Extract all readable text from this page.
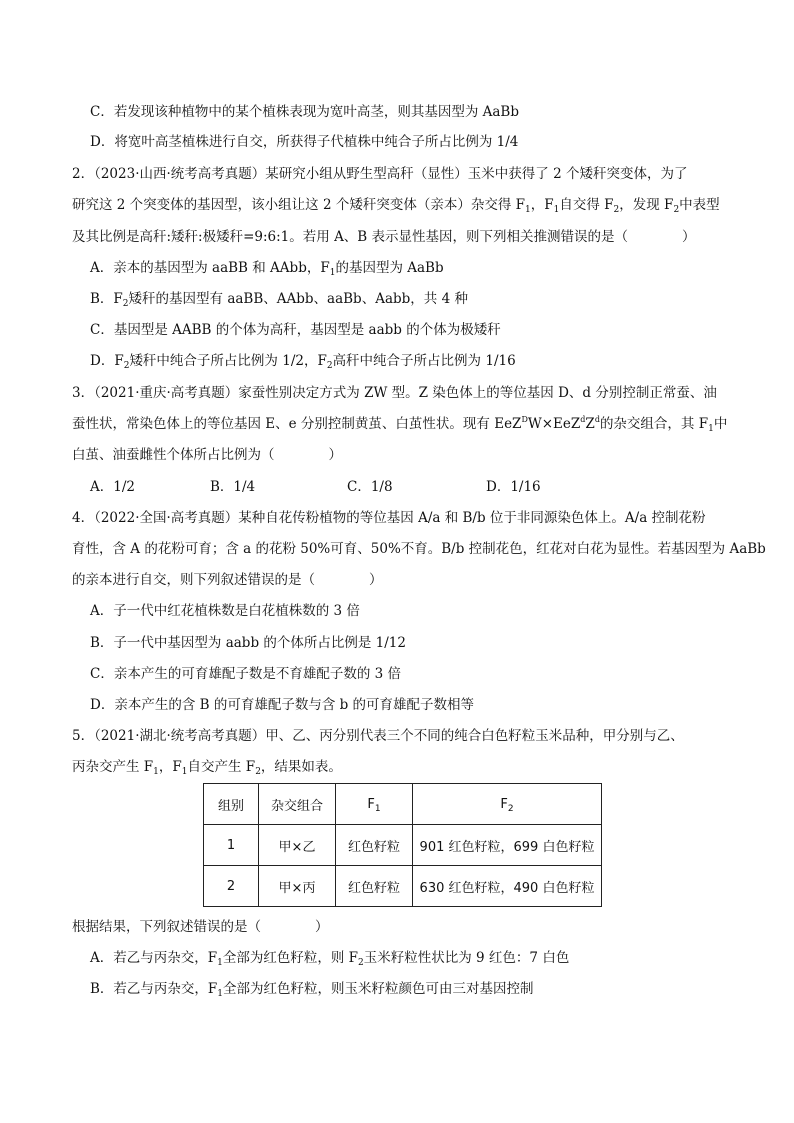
C．若发现该种植物中的某个植株表现为宽叶高茎，则其基因型为 AaBb
D．将宽叶高茎植株进行自交，所获得子代植株中纯合子所占比例为 1/4
2．（2023·山西·统考高考真题）某研究小组从野生型高秆（显性）玉米中获得了 2 个矮秆突变体，为了
研究这 2 个突变体的基因型，该小组让这 2 个矮秆突变体（亲本）杂交得 $F_1$，$F_1$自交得 $F_2$，发现 $F_2$中表型
及其比例是高秆:矮秆:极矮秆=9:6:1。若用 A、B 表示显性基因，则下列相关推测错误的是（　　　　）
A．亲本的基因型为 aaBB 和 AAbb，$F_1$的基因型为 AaBb
B．$F_2$矮秆的基因型有 aaBB、AAbb、aaBb、Aabb，共 4 种
C．基因型是 AABB 的个体为高秆，基因型是 aabb 的个体为极矮秆
D．$F_2$矮秆中纯合子所占比例为 1/2，$F_2$高秆中纯合子所占比例为 1/16
3．（2021·重庆·高考真题）家蚕性别决定方式为 ZW 型。Z 染色体上的等位基因 D、d 分别控制正常蚕、油
蚕性状，常染色体上的等位基因 E、e 分别控制黄茧、白茧性状。现有 $EeZ^DW\times EeZ^dZ^d$的杂交组合，其 $F_1$中
白茧、油蚕雌性个体所占比例为（　　　　）
A．1/2	B．1/4	C．1/8	D．1/16
4．（2022·全国·高考真题）某种自花传粉植物的等位基因 A/a 和 B/b 位于非同源染色体上。A/a 控制花粉
育性，含 A 的花粉可育；含 a 的花粉 50%可育、50%不育。B/b 控制花色，红花对白花为显性。若基因型为 AaBb
的亲本进行自交，则下列叙述错误的是（　　　　）
A．子一代中红花植株数是白花植株数的 3 倍
B．子一代中基因型为 aabb 的个体所占比例是 1/12
C．亲本产生的可育雄配子数是不育雄配子数的 3 倍
D．亲本产生的含 B 的可育雄配子数与含 b 的可育雄配子数相等
5．（2021·湖北·统考高考真题）甲、乙、丙分别代表三个不同的纯合白色籽粒玉米品种，甲分别与乙、
丙杂交产生 $F_1$，$F_1$自交产生 $F_2$，结果如表。
组别	杂交组合	$F_1$	$F_2$
1	甲×乙	红色籽粒	901 红色籽粒，699 白色籽粒
2	甲×丙	红色籽粒	630 红色籽粒，490 白色籽粒
根据结果，下列叙述错误的是（　　　　）
A．若乙与丙杂交，$F_1$全部为红色籽粒，则 $F_2$玉米籽粒性状比为 9 红色：7 白色
B．若乙与丙杂交，$F_1$全部为红色籽粒，则玉米籽粒颜色可由三对基因控制
